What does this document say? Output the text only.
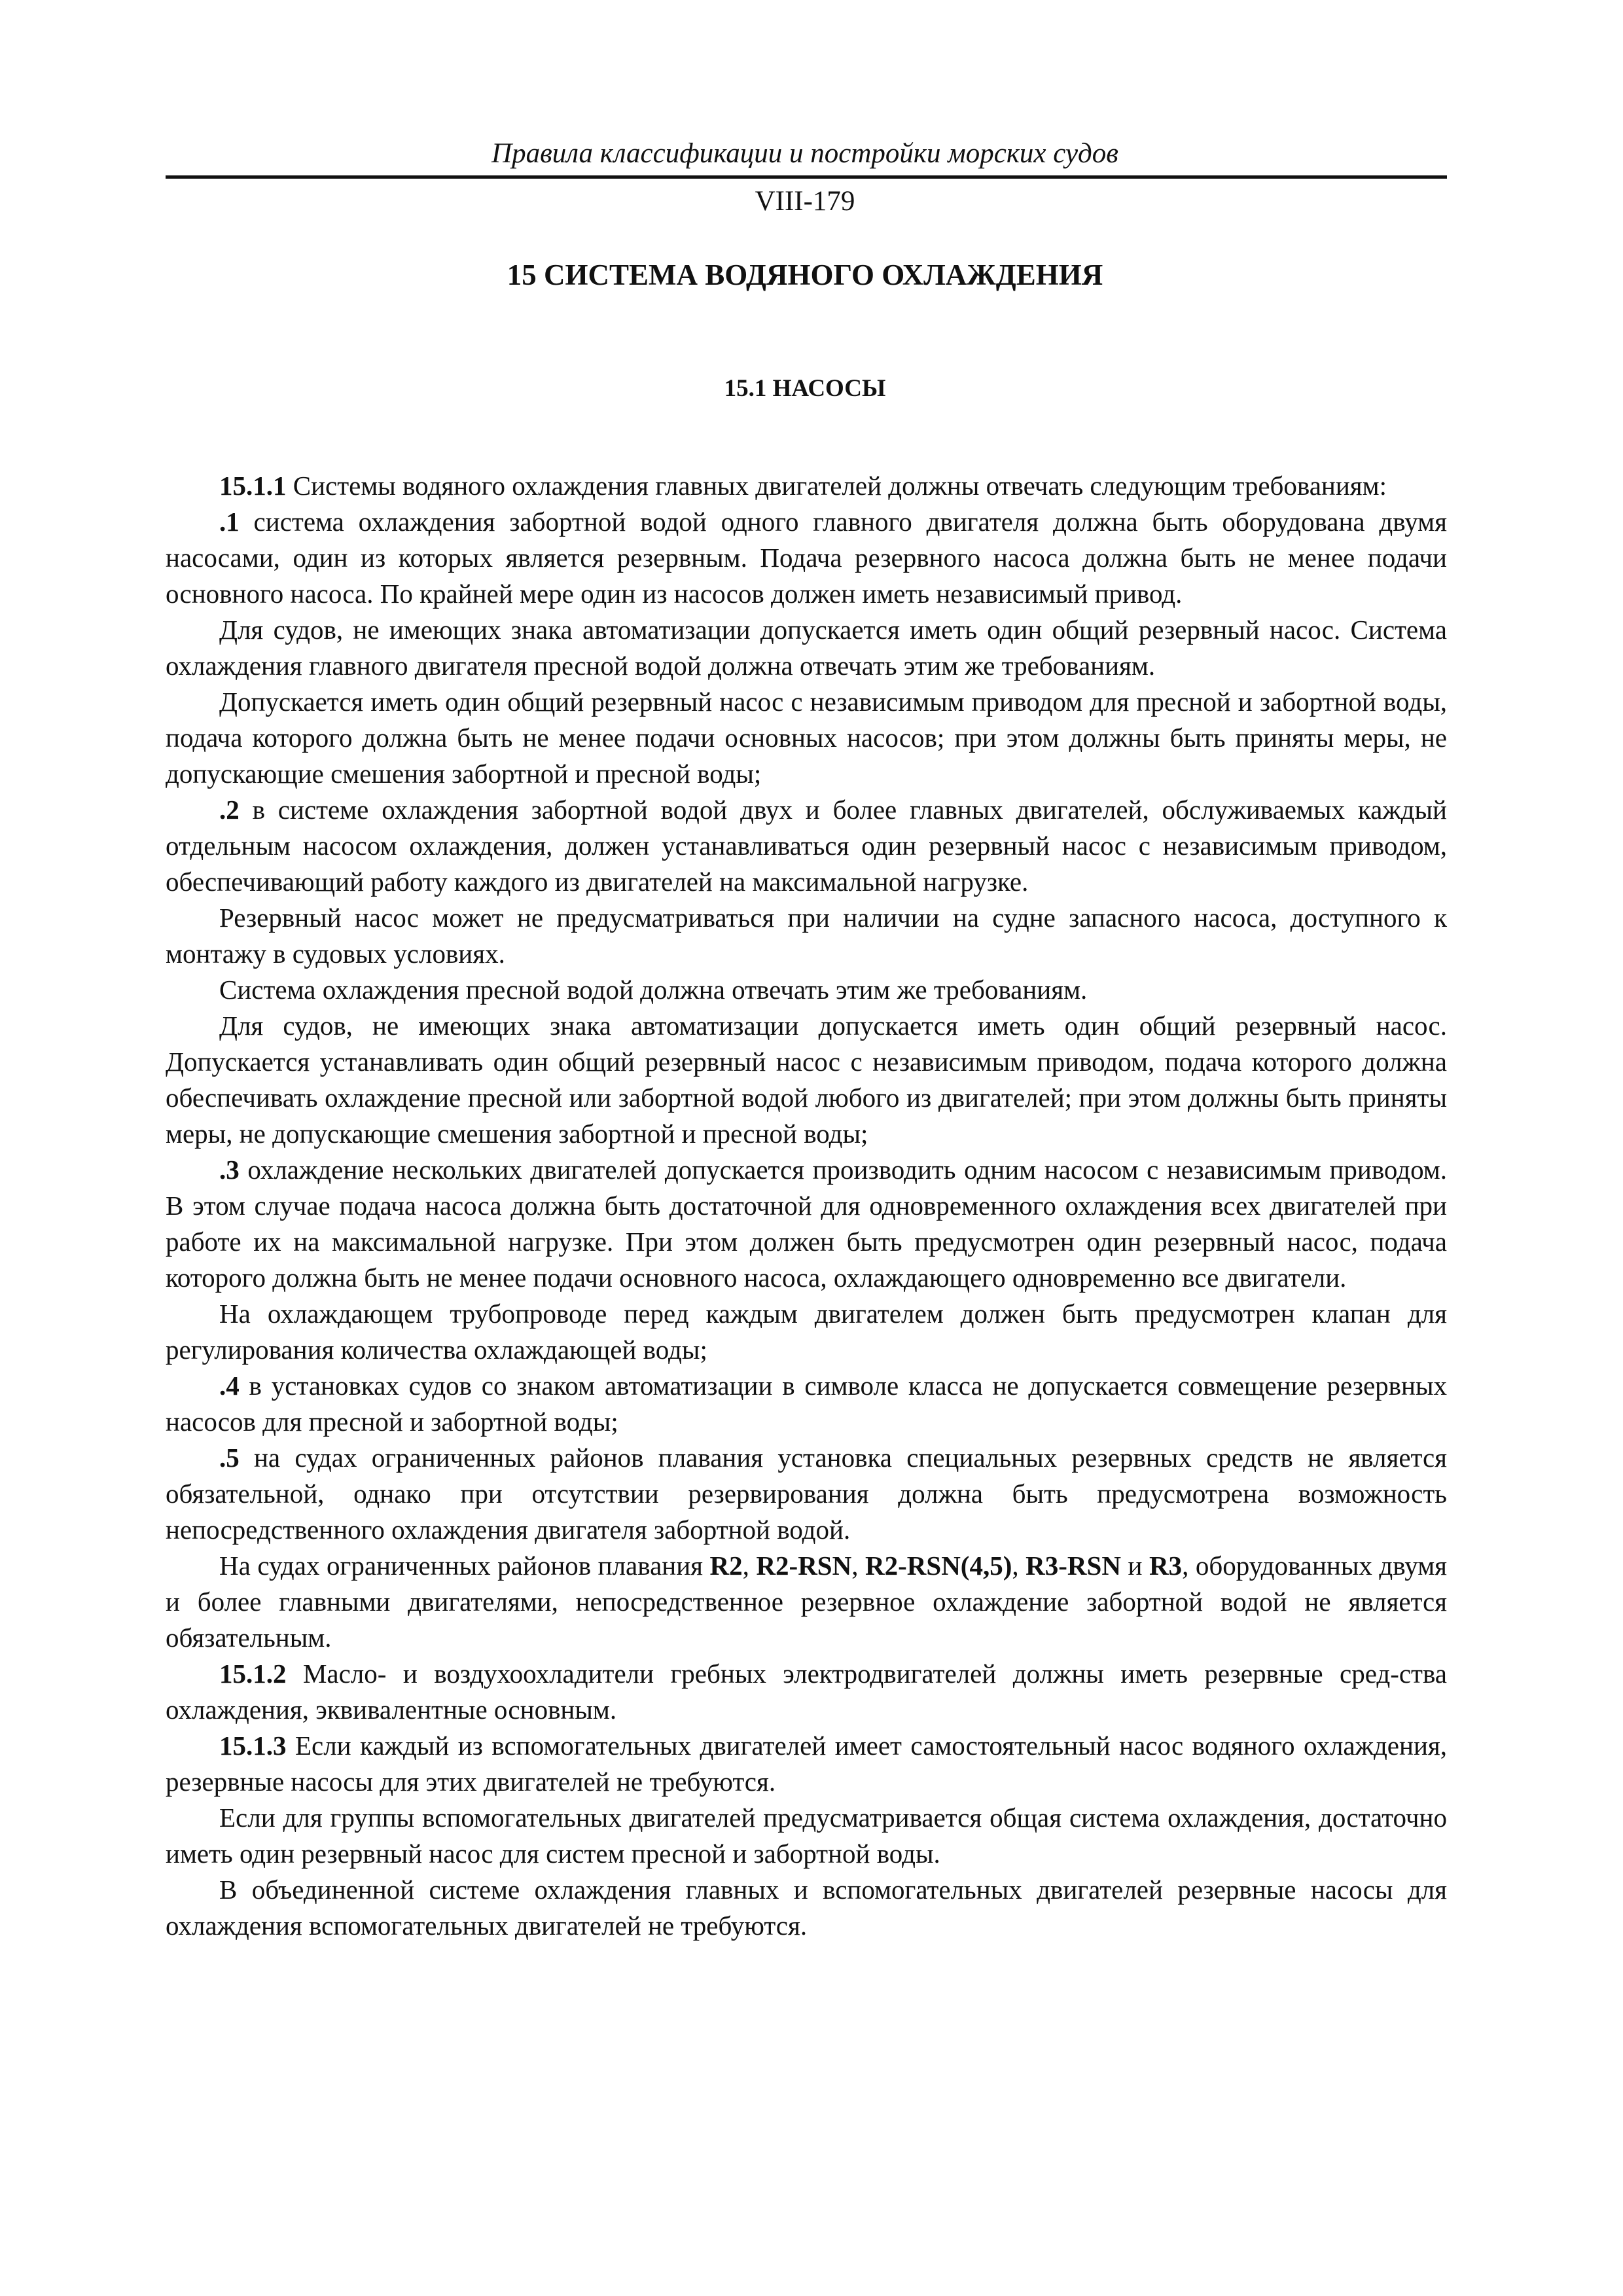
Правила классификации и постройки морских судов
VIII-179
15 СИСТЕМА ВОДЯНОГО ОХЛАЖДЕНИЯ
15.1 НАСОСЫ

15.1.1 Системы водяного охлаждения главных двигателей должны отвечать следующим требованиям:

.1 система охлаждения забортной водой одного главного двигателя должна быть оборудована двумя насосами, один из которых является резервным. Подача резервного насоса должна быть не менее подачи основного насоса. По крайней мере один из насосов должен иметь независимый привод.

Для судов, не имеющих знака автоматизации допускается иметь один общий резервный насос. Система охлаждения главного двигателя пресной водой должна отвечать этим же требованиям.

Допускается иметь один общий резервный насос с независимым приводом для пресной и забортной воды, подача которого должна быть не менее подачи основных насосов; при этом должны быть приняты меры, не допускающие смешения забортной и пресной воды;

.2 в системе охлаждения забортной водой двух и более главных двигателей, обслуживаемых каждый отдельным насосом охлаждения, должен устанавливаться один резервный насос с независимым приводом, обеспечивающий работу каждого из двигателей на максимальной нагрузке.

Резервный насос может не предусматриваться при наличии на судне запасного насоса, доступного к монтажу в судовых условиях.

Система охлаждения пресной водой должна отвечать этим же требованиям.

Для судов, не имеющих знака автоматизации допускается иметь один общий резервный насос. Допускается устанавливать один общий резервный насос с независимым приводом, подача которого должна обеспечивать охлаждение пресной или забортной водой любого из двигателей; при этом должны быть приняты меры, не допускающие смешения забортной и пресной воды;

.3 охлаждение нескольких двигателей допускается производить одним насосом с независимым приводом. В этом случае подача насоса должна быть достаточной для одновременного охлаждения всех двигателей при работе их на максимальной нагрузке. При этом должен быть предусмотрен один резервный насос, подача которого должна быть не менее подачи основного насоса, охлаждающего одновременно все двигатели.

На охлаждающем трубопроводе перед каждым двигателем должен быть предусмотрен клапан для регулирования количества охлаждающей воды;

.4 в установках судов со знаком автоматизации в символе класса не допускается совмещение резервных насосов для пресной и забортной воды;

.5 на судах ограниченных районов плавания установка специальных резервных средств не является обязательной, однако при отсутствии резервирования должна быть предусмотрена возможность непосредственного охлаждения двигателя забортной водой.

На судах ограниченных районов плавания R2, R2-RSN, R2-RSN(4,5), R3-RSN и R3, оборудованных двумя и более главными двигателями, непосредственное резервное охлаждение забортной водой не является обязательным.

15.1.2 Масло- и воздухоохладители гребных электродвигателей должны иметь резервные сред-ства охлаждения, эквивалентные основным.

15.1.3 Если каждый из вспомогательных двигателей имеет самостоятельный насос водяного охлаждения, резервные насосы для этих двигателей не требуются.

Если для группы вспомогательных двигателей предусматривается общая система охлаждения, достаточно иметь один резервный насос для систем пресной и забортной воды.

В объединенной системе охлаждения главных и вспомогательных двигателей резервные насосы для охлаждения вспомогательных двигателей не требуются.
